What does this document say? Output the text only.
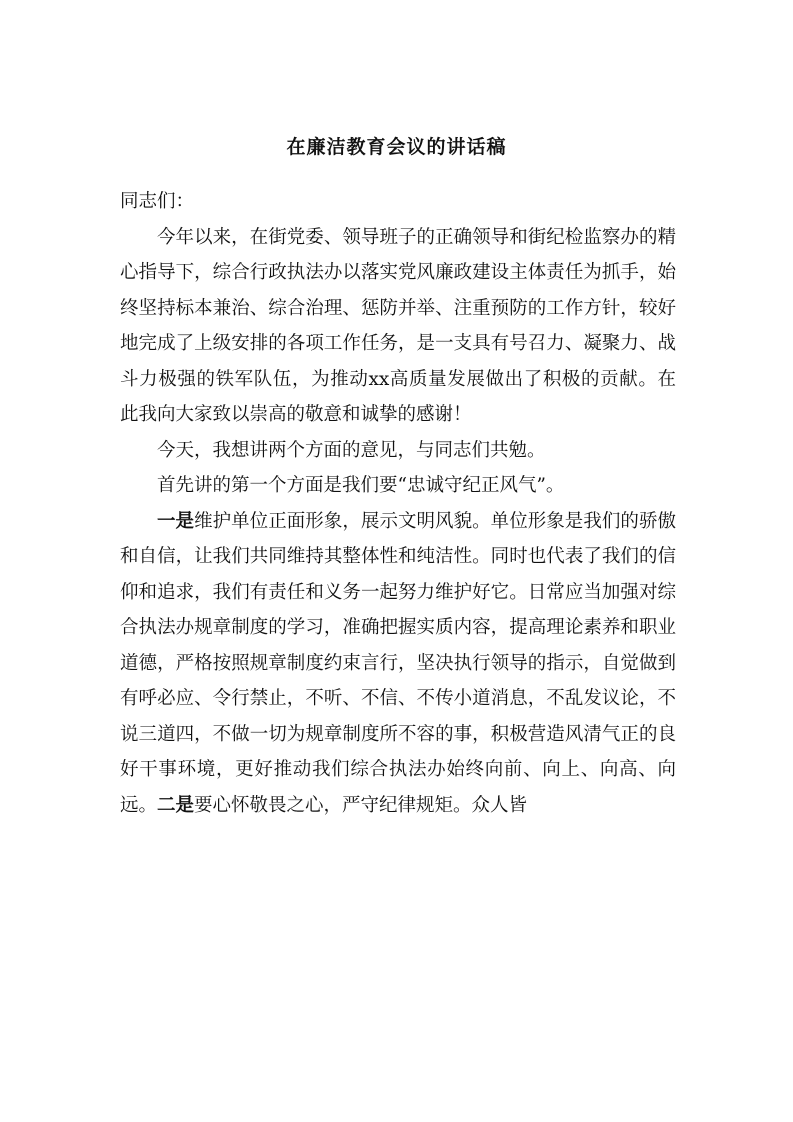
在廉洁教育会议的讲话稿

同志们：

今年以来，在街党委、领导班子的正确领导和街纪检监察办的精心指导下，综合行政执法办以落实党风廉政建设主体责任为抓手，始终坚持标本兼治、综合治理、惩防并举、注重预防的工作方针，较好地完成了上级安排的各项工作任务，是一支具有号召力、凝聚力、战斗力极强的铁军队伍，为推动xx高质量发展做出了积极的贡献。在此我向大家致以崇高的敬意和诚挚的感谢！

今天，我想讲两个方面的意见，与同志们共勉。

首先讲的第一个方面是我们要“忠诚守纪正风气”。

一是维护单位正面形象，展示文明风貌。单位形象是我们的骄傲和自信，让我们共同维持其整体性和纯洁性。同时也代表了我们的信仰和追求，我们有责任和义务一起努力维护好它。日常应当加强对综合执法办规章制度的学习，准确把握实质内容，提高理论素养和职业道德，严格按照规章制度约束言行，坚决执行领导的指示，自觉做到有呼必应、令行禁止，不听、不信、不传小道消息，不乱发议论，不说三道四，不做一切为规章制度所不容的事，积极营造风清气正的良好干事环境，更好推动我们综合执法办始终向前、向上、向高、向远。二是要心怀敬畏之心，严守纪律规矩。众人皆
